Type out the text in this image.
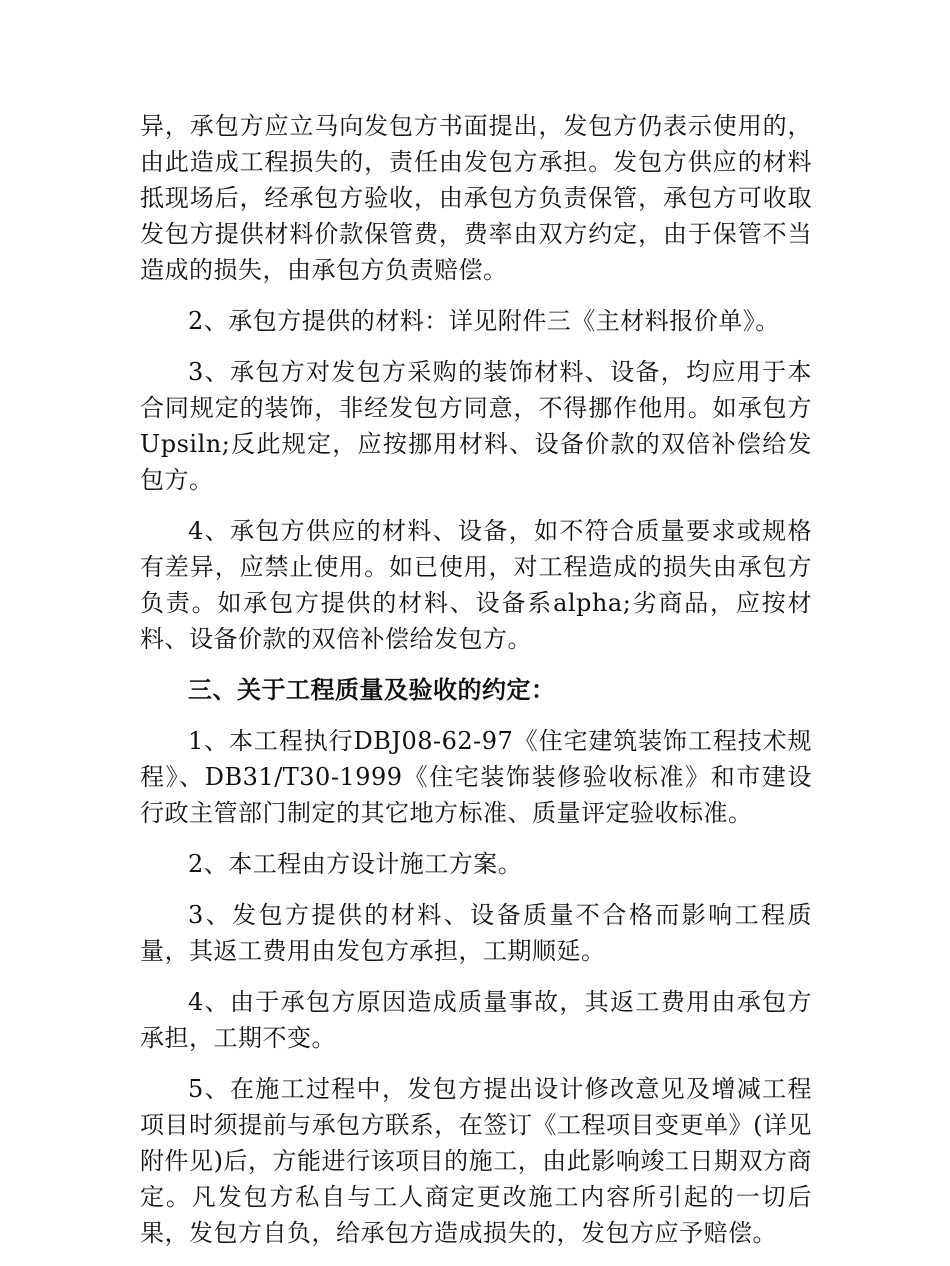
异，承包方应立马向发包方书面提出，发包方仍表示使用的，由此造成工程损失的，责任由发包方承担。发包方供应的材料抵现场后，经承包方验收，由承包方负责保管，承包方可收取发包方提供材料价款保管费，费率由双方约定，由于保管不当造成的损失，由承包方负责赔偿。

2、承包方提供的材料：详见附件三《主材料报价单》。

3、承包方对发包方采购的装饰材料、设备，均应用于本合同规定的装饰，非经发包方同意，不得挪作他用。如承包方Upsiln;反此规定，应按挪用材料、设备价款的双倍补偿给发包方。

4、承包方供应的材料、设备，如不符合质量要求或规格有差异，应禁止使用。如已使用，对工程造成的损失由承包方负责。如承包方提供的材料、设备系alpha;劣商品，应按材料、设备价款的双倍补偿给发包方。

三、关于工程质量及验收的约定：

1、本工程执行DBJ08-62-97《住宅建筑装饰工程技术规程》、DB31/T30-1999《住宅装饰装修验收标准》和市建设行政主管部门制定的其它地方标准、质量评定验收标准。

2、本工程由方设计施工方案。

3、发包方提供的材料、设备质量不合格而影响工程质量，其返工费用由发包方承担，工期顺延。

4、由于承包方原因造成质量事故，其返工费用由承包方承担，工期不变。

5、在施工过程中，发包方提出设计修改意见及增减工程项目时须提前与承包方联系，在签订《工程项目变更单》(详见附件见)后，方能进行该项目的施工，由此影响竣工日期双方商定。凡发包方私自与工人商定更改施工内容所引起的一切后果，发包方自负，给承包方造成损失的，发包方应予赔偿。
